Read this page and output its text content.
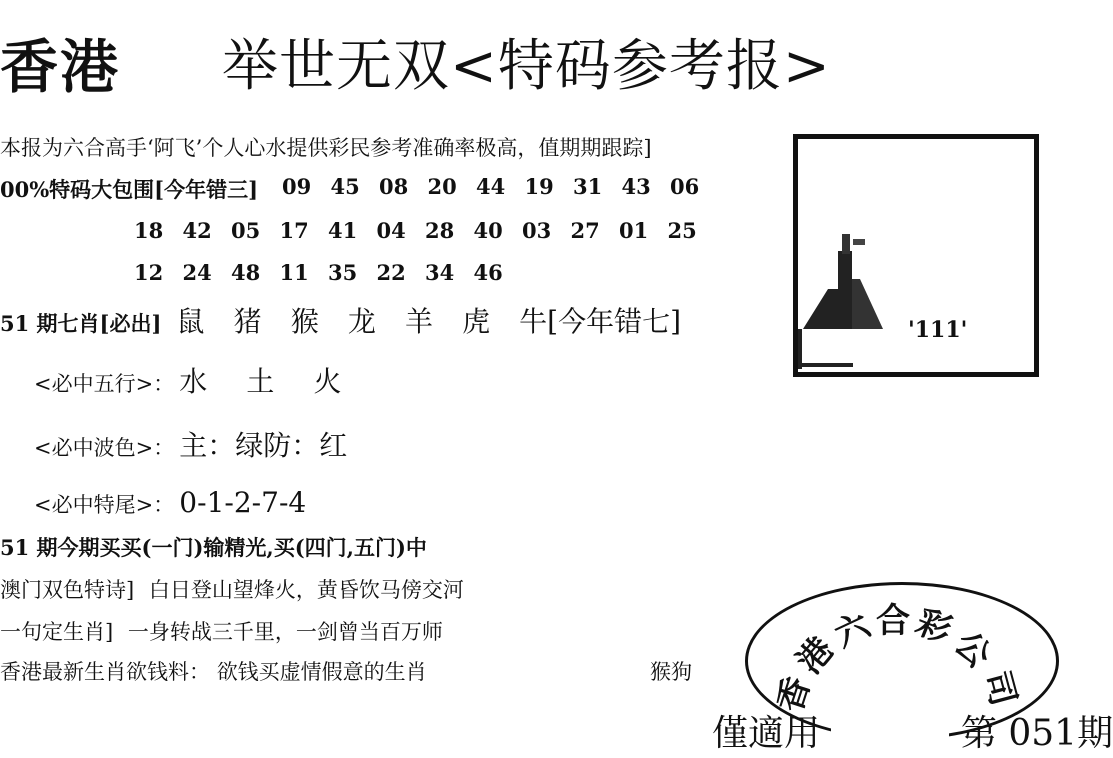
香港 举世无双<特码参考报>
本报为六合高手‘阿飞’个人心水提供彩民参考准确率极高，值期期跟踪]
00%特码大包围[今年错三] 09 45 08 20 44 19 31 43 06
18 42 05 17 41 04 28 40 03 27 01 25
12 24 48 11 35 22 34 46
51 期七肖[必出] 鼠 猪 猴 龙 羊 虎 牛[今年错七]
<必中五行>： 水 土 火
<必中波色>： 主：绿防：红
<必中特尾>： 0-1-2-7-4
51 期今期买买(一门)输精光,买(四门,五门)中
澳门双色特诗] 白日登山望烽火，黄昏饮马傍交河
一句定生肖] 一身转战三千里，一剑曾当百万师
香港最新生肖欲钱料： 欲钱买虚情假意的生肖	猴狗
'111'
香
港
六 合 彩
公
司
僅適用	第 051期
